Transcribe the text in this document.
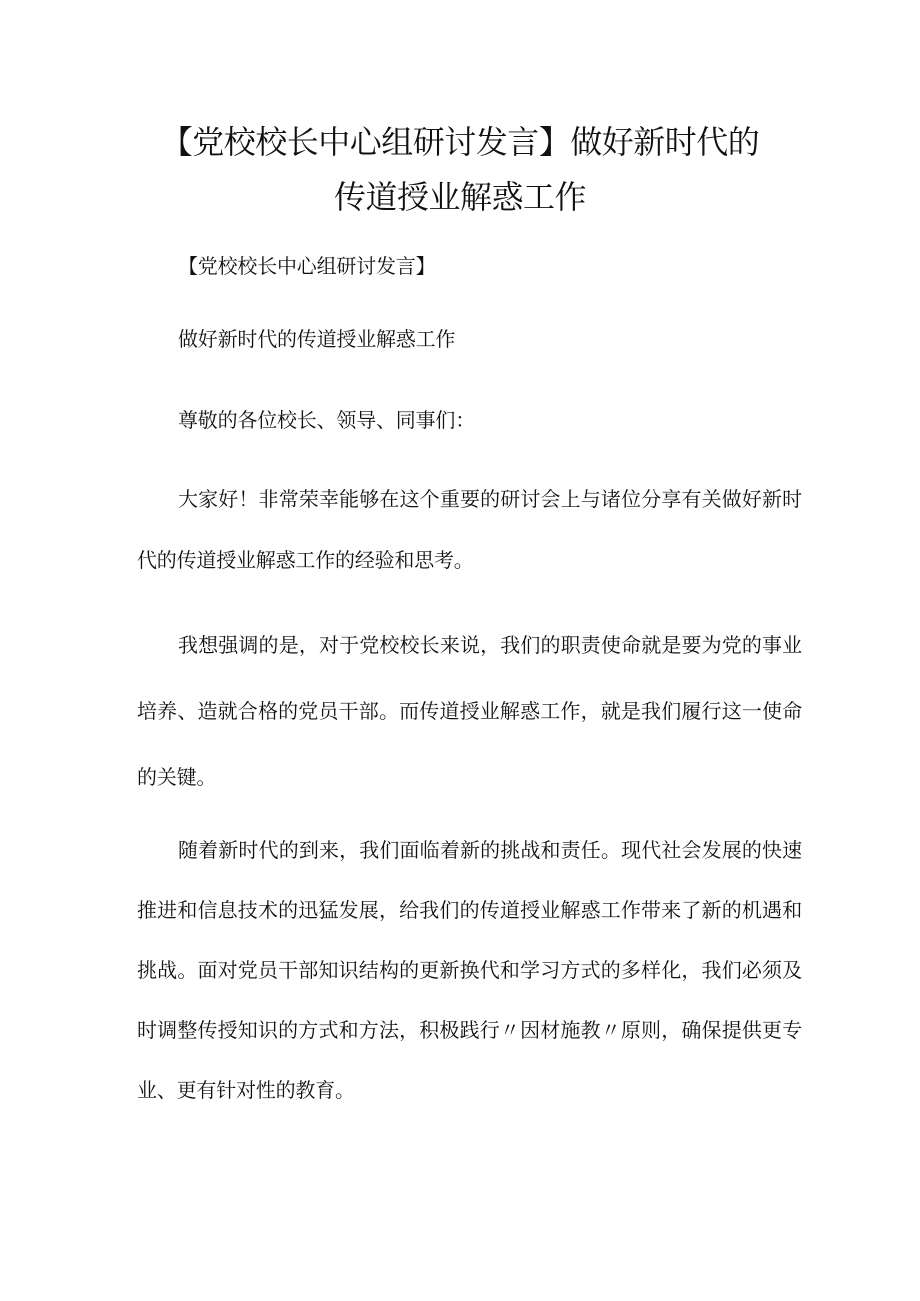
【党校校长中心组研讨发言】做好新时代的
传道授业解惑工作

【党校校长中心组研讨发言】

做好新时代的传道授业解惑工作

尊敬的各位校长、领导、同事们：

大家好！非常荣幸能够在这个重要的研讨会上与诸位分享有关做好新时代的传道授业解惑工作的经验和思考。

我想强调的是，对于党校校长来说，我们的职责使命就是要为党的事业培养、造就合格的党员干部。而传道授业解惑工作，就是我们履行这一使命的关键。

随着新时代的到来，我们面临着新的挑战和责任。现代社会发展的快速推进和信息技术的迅猛发展，给我们的传道授业解惑工作带来了新的机遇和挑战。面对党员干部知识结构的更新换代和学习方式的多样化，我们必须及时调整传授知识的方式和方法，积极践行〃因材施教〃原则，确保提供更专业、更有针对性的教育。
